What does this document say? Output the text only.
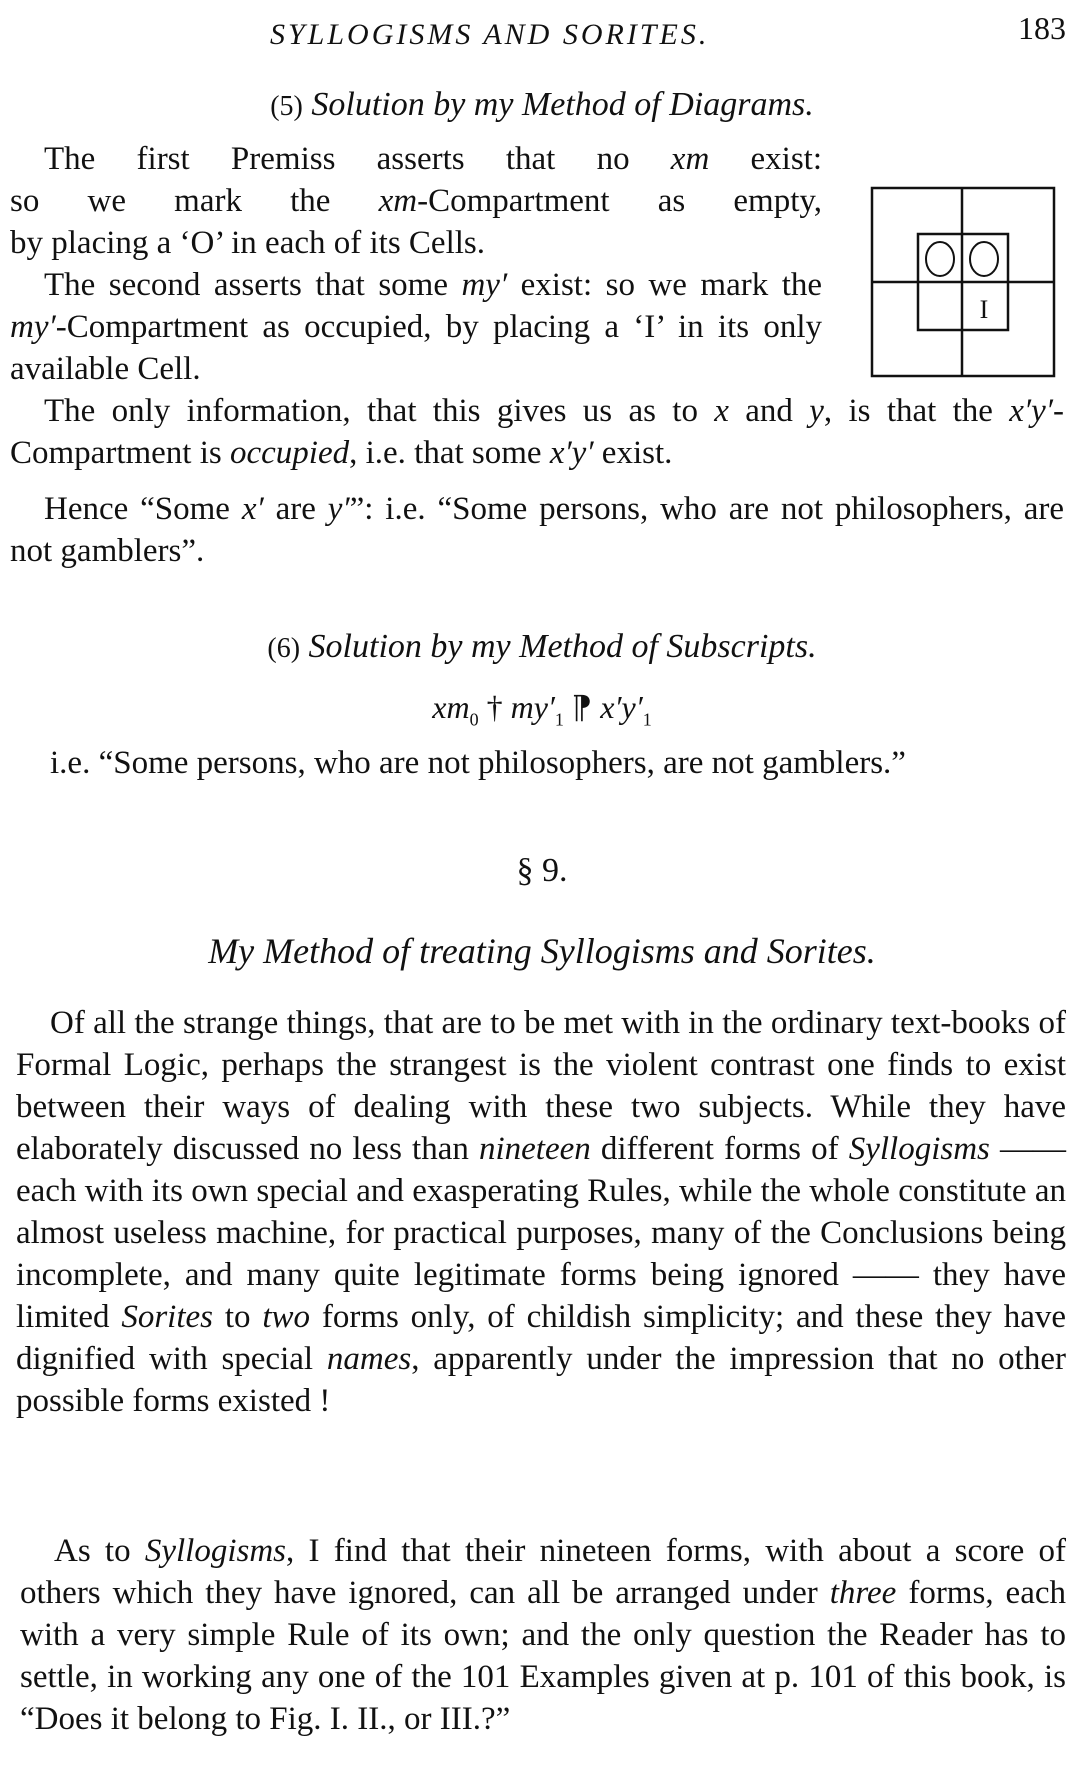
SYLLOGISMS AND SORITES.	183
(5) Solution by my Method of Diagrams.

The first Premiss asserts that no xm exist:

so we mark the xm-Compartment as empty,

by placing a ‘O’ in each of its Cells.

The second asserts that some my′ exist: so we mark the my′-Compartment as occupied, by placing a ‘I’ in its only available Cell.

The only information, that this gives us as to x and y, is that the x′y′-Compartment is occupied, i.e. that some x′y′ exist.

Hence “Some x′ are y′”: i.e. “Some persons, who are not philosophers, are not gamblers”.

I
(6) Solution by my Method of Subscripts.
$xm_0$ † $my'_1$ ⁋ $x'y'_1$

i.e. “Some persons, who are not philosophers, are not gamblers.”

§ 9.
My Method of treating Syllogisms and Sorites.

Of all the strange things, that are to be met with in the ordinary text-books of Formal Logic, perhaps the strangest is the violent contrast one finds to exist between their ways of dealing with these two subjects. While they have elaborately discussed no less than nineteen different forms of Syllogisms —— each with its own special and exasperating Rules, while the whole constitute an almost useless machine, for practical purposes, many of the Conclusions being incomplete, and many quite legitimate forms being ignored —— they have limited Sorites to two forms only, of childish simplicity; and these they have dignified with special names, apparently under the impression that no other possible forms existed !

As to Syllogisms, I find that their nineteen forms, with about a score of others which they have ignored, can all be arranged under three forms, each with a very simple Rule of its own; and the only question the Reader has to settle, in working any one of the 101 Examples given at p. 101 of this book, is “Does it belong to Fig. I. II., or III.?”
